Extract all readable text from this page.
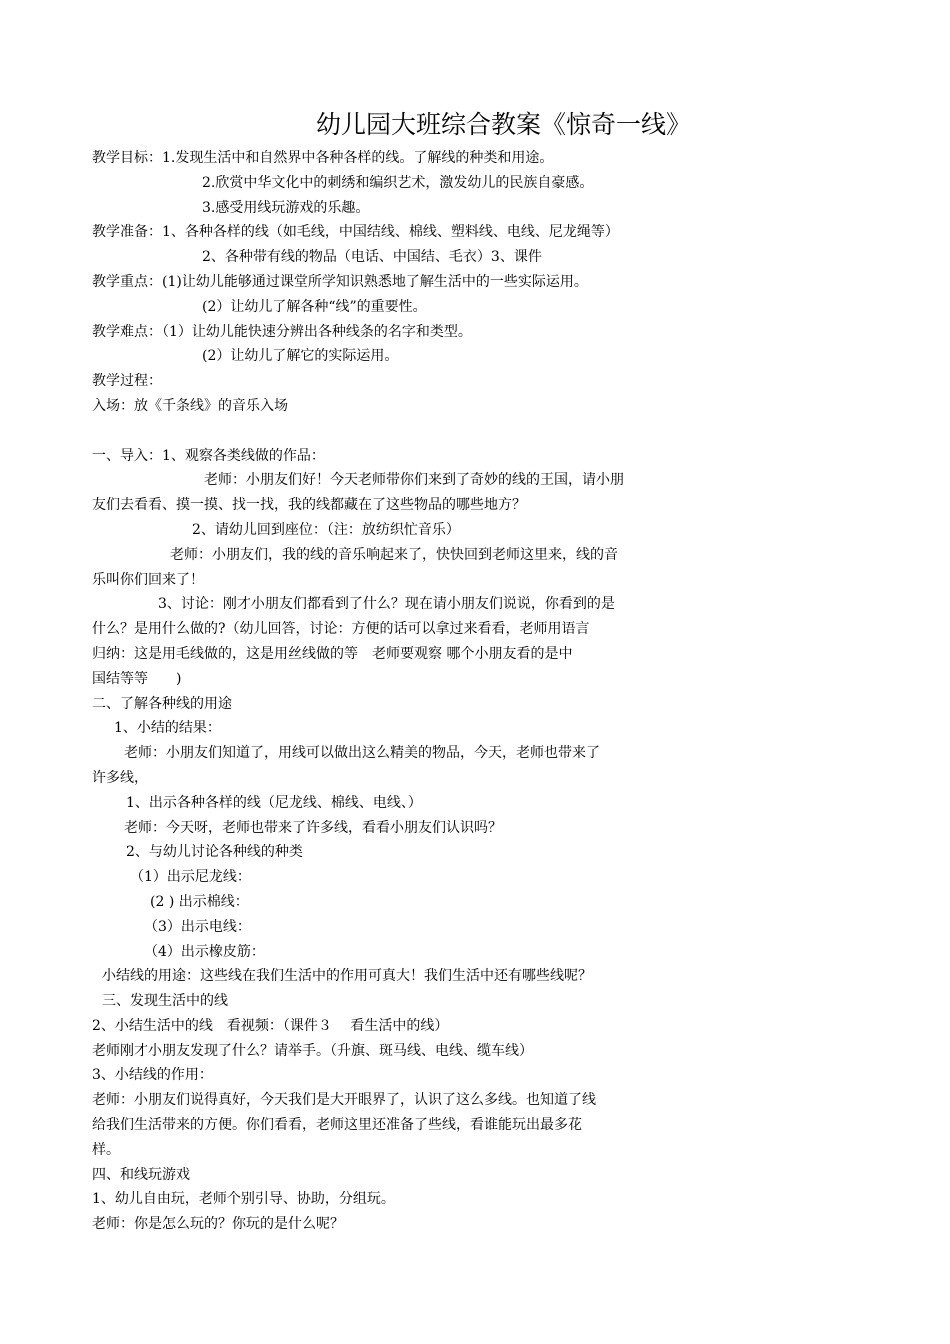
幼儿园大班综合教案《惊奇一线》
教学目标：1.发现生活中和自然界中各种各样的线。了解线的种类和用途。
2.欣赏中华文化中的刺绣和编织艺术，激发幼儿的民族自豪感。
3.感受用线玩游戏的乐趣。
教学准备：1、各种各样的线（如毛线，中国结线、棉线、塑料线、电线、尼龙绳等）
2、各种带有线的物品（电话、中国结、毛衣）3、课件
教学重点：(1)让幼儿能够通过课堂所学知识熟悉地了解生活中的一些实际运用。
(2）让幼儿了解各种“线”的重要性。
教学难点：（1）让幼儿能快速分辨出各种线条的名字和类型。
(2）让幼儿了解它的实际运用。
教学过程：
入场：放《千条线》的音乐入场
一、导入：1、观察各类线做的作品：
老师：小朋友们好！今天老师带你们来到了奇妙的线的王国，请小朋
友们去看看、摸一摸、找一找，我的线都藏在了这些物品的哪些地方？
2、请幼儿回到座位：（注：放纺织忙音乐）
老师：小朋友们，我的线的音乐响起来了，快快回到老师这里来，线的音
乐叫你们回来了！
3、讨论：刚才小朋友们都看到了什么？现在请小朋友们说说，你看到的是
什么？是用什么做的?（幼儿回答，讨论：方便的话可以拿过来看看，老师用语言
归纳：这是用毛线做的，这是用丝线做的等　老师要观察 哪个小朋友看的是中
国结等等　　)
二、了解各种线的用途
1、小结的结果：
老师：小朋友们知道了，用线可以做出这么精美的物品，今天，老师也带来了
许多线，
1、出示各种各样的线（尼龙线、棉线、电线、）
老师：今天呀，老师也带来了许多线，看看小朋友们认识吗？
2、与幼儿讨论各种线的种类
（1）出示尼龙线：
(2 ) 出示棉线：
（3）出示电线：
（4）出示橡皮筋：
小结线的用途：这些线在我们生活中的作用可真大！我们生活中还有哪些线呢？
三、发现生活中的线
2、小结生活中的线　看视频：（课件３　 看生活中的线）
老师刚才小朋友发现了什么？请举手。（升旗、斑马线、电线、缆车线）
3、小结线的作用：
老师：小朋友们说得真好，今天我们是大开眼界了，认识了这么多线。也知道了线
给我们生活带来的方便。你们看看，老师这里还准备了些线，看谁能玩出最多花
样。
四、和线玩游戏
1、幼儿自由玩，老师个别引导、协助，分组玩。
老师：你是怎么玩的？你玩的是什么呢？
